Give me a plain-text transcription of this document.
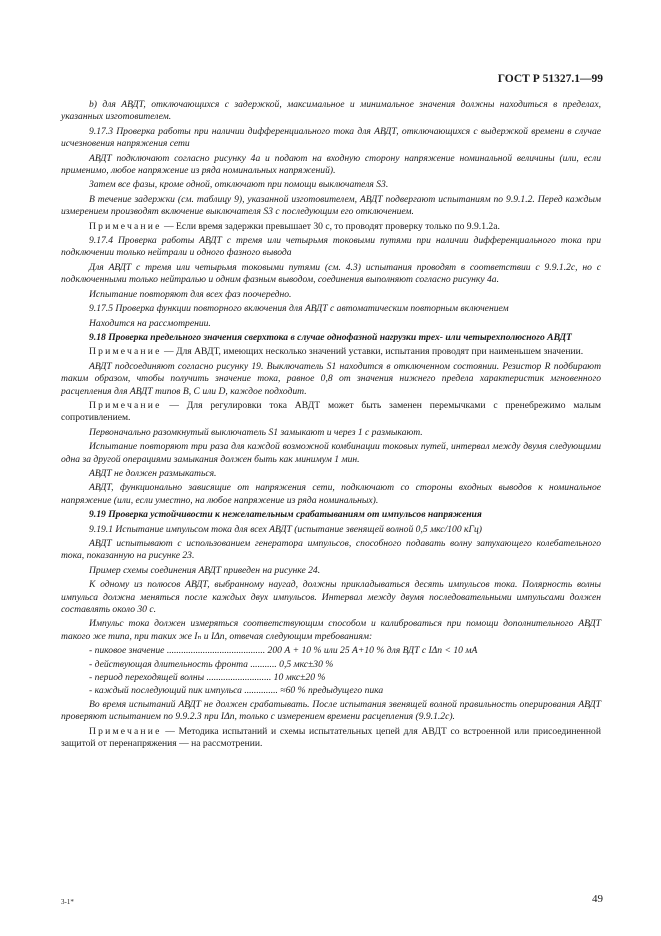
ГОСТ Р 51327.1—99

b) для АВДТ, отключающихся с задержкой, максимальное и минимальное значения должны находиться в пределах, указанных изготовителем.

9.17.3 Проверка работы при наличии дифференциального тока для АВДТ, отключающихся с выдержкой времени в случае исчезновения напряжения сети

АВДТ подключают согласно рисунку 4а и подают на входную сторону напряжение номинальной величины (или, если применимо, любое напряжение из ряда номинальных напряжений).

Затем все фазы, кроме одной, отключают при помощи выключателя S3.

В течение задержки (см. таблицу 9), указанной изготовителем, АВДТ подвергают испытаниям по 9.9.1.2. Перед каждым измерением производят включение выключателя S3 с последующим его отключением.

Примечание — Если время задержки превышает 30 с, то проводят проверку только по 9.9.1.2а.

9.17.4 Проверка работы АВДТ с тремя или четырьмя токовыми путями при наличии дифференциального тока при подключении только нейтрали и одного фазного вывода

Для АВДТ с тремя или четырьмя токовыми путями (см. 4.3) испытания проводят в соответствии с 9.9.1.2с, но с подключенными только нейтралью и одним фазным выводом, соединения выполняют согласно рисунку 4а.

Испытание повторяют для всех фаз поочередно.

9.17.5 Проверка функции повторного включения для АВДТ с автоматическим повторным включением

Находится на рассмотрении.

9.18 Проверка предельного значения сверхтока в случае однофазной нагрузки трех- или четырехполюсного АВДТ

Примечание — Для АВДТ, имеющих несколько значений уставки, испытания проводят при наименьшем значении.

АВДТ подсоединяют согласно рисунку 19. Выключатель S1 находится в отключенном состоянии. Резистор R подбирают таким образом, чтобы получить значение тока, равное 0,8 от значения нижнего предела характеристик мгновенного расцепления для АВДТ типов B, C или D, каждое подходит.

Примечание — Для регулировки тока АВДТ может быть заменен перемычками с пренебрежимо малым сопротивлением.

Первоначально разомкнутый выключатель S1 замыкают и через 1 с размыкают.

Испытание повторяют три раза для каждой возможной комбинации токовых путей, интервал между двумя следующими одна за другой операциями замыкания должен быть как минимум 1 мин.

АВДТ не должен размыкаться.

АВДТ, функционально зависящие от напряжения сети, подключают со стороны входных выводов к номинальное напряжение (или, если уместно, на любое напряжение из ряда номинальных).

9.19 Проверка устойчивости к нежелательным срабатываниям от импульсов напряжения

9.19.1 Испытание импульсом тока для всех АВДТ (испытание звенящей волной 0,5 мкс/100 кГц)

АВДТ испытывают с использованием генератора импульсов, способного подавать волну затухающего колебательного тока, показанную на рисунке 23.

Пример схемы соединения АВДТ приведен на рисунке 24.

К одному из полюсов АВДТ, выбранному наугад, должны прикладываться десять импульсов тока. Полярность волны импульса должна меняться после каждых двух импульсов. Интервал между двумя последовательными импульсами должен составлять около 30 с.

Импульс тока должен измеряться соответствующим способом и калиброваться при помощи дополнительного АВДТ такого же типа, при таких же Iₙ и IΔn, отвечая следующим требованиям:

- пиковое значение ......................................... 200 А + 10 % или 25 А+10 % для ВДТ с IΔn < 10 мА
- действующая длительность фронта ........... 0,5 мкс±30 %
- период переходящей волны ........................... 10 мкс±20 %
- каждый последующий пик импульса .............. ≈60 % предыдущего пика

Во время испытаний АВДТ не должен срабатывать. После испытания звенящей волной правильность оперирования АВДТ проверяют испытанием по 9.9.2.3 при IΔn, только с измерением времени расцепления (9.9.1.2с).

Примечание — Методика испытаний и схемы испытательных цепей для АВДТ со встроенной или присоединенной защитой от перенапряжения — на рассмотрении.

3-1*	49
